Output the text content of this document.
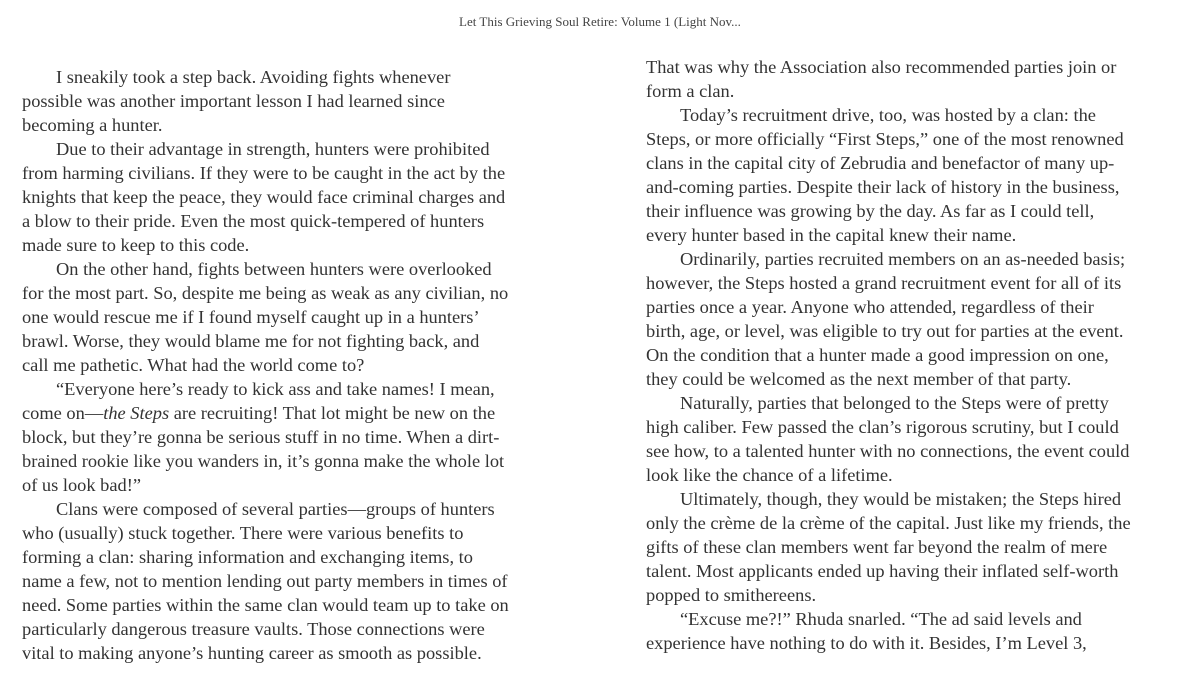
Let This Grieving Soul Retire: Volume 1 (Light Nov...
I sneakily took a step back. Avoiding fights whenever
possible was another important lesson I had learned since
becoming a hunter.
Due to their advantage in strength, hunters were prohibited
from harming civilians. If they were to be caught in the act by the
knights that keep the peace, they would face criminal charges and
a blow to their pride. Even the most quick-tempered of hunters
made sure to keep to this code.
On the other hand, fights between hunters were overlooked
for the most part. So, despite me being as weak as any civilian, no
one would rescue me if I found myself caught up in a hunters’
brawl. Worse, they would blame me for not fighting back, and
call me pathetic. What had the world come to?
“Everyone here’s ready to kick ass and take names! I mean,
come on—the Steps are recruiting! That lot might be new on the
block, but they’re gonna be serious stuff in no time. When a dirt-
brained rookie like you wanders in, it’s gonna make the whole lot
of us look bad!”
Clans were composed of several parties—groups of hunters
who (usually) stuck together. There were various benefits to
forming a clan: sharing information and exchanging items, to
name a few, not to mention lending out party members in times of
need. Some parties within the same clan would team up to take on
particularly dangerous treasure vaults. Those connections were
vital to making anyone’s hunting career as smooth as possible.
That was why the Association also recommended parties join or
form a clan.
Today’s recruitment drive, too, was hosted by a clan: the
Steps, or more officially “First Steps,” one of the most renowned
clans in the capital city of Zebrudia and benefactor of many up-
and-coming parties. Despite their lack of history in the business,
their influence was growing by the day. As far as I could tell,
every hunter based in the capital knew their name.
Ordinarily, parties recruited members on an as-needed basis;
however, the Steps hosted a grand recruitment event for all of its
parties once a year. Anyone who attended, regardless of their
birth, age, or level, was eligible to try out for parties at the event.
On the condition that a hunter made a good impression on one,
they could be welcomed as the next member of that party.
Naturally, parties that belonged to the Steps were of pretty
high caliber. Few passed the clan’s rigorous scrutiny, but I could
see how, to a talented hunter with no connections, the event could
look like the chance of a lifetime.
Ultimately, though, they would be mistaken; the Steps hired
only the crème de la crème of the capital. Just like my friends, the
gifts of these clan members went far beyond the realm of mere
talent. Most applicants ended up having their inflated self-worth
popped to smithereens.
“Excuse me?!” Rhuda snarled. “The ad said levels and
experience have nothing to do with it. Besides, I’m Level 3,
